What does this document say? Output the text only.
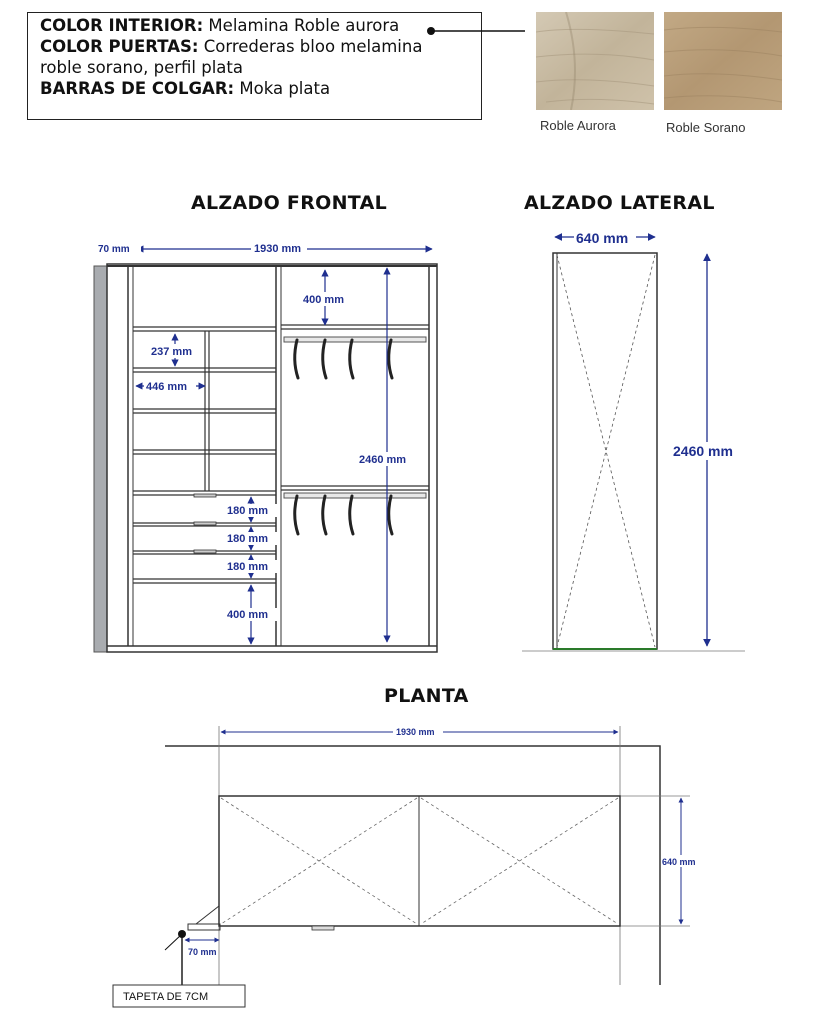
COLOR INTERIOR: Melamina Roble aurora
COLOR PUERTAS: Correderas bloo melamina
roble sorano, perfil plata
BARRAS DE COLGAR: Moka plata
Roble Aurora	Roble Sorano
ALZADO FRONTAL	ALZADO LATERAL
PLANTA
70 mm	1930 mm
400 mm
237 mm
446 mm
2460 mm
180 mm
180 mm
180 mm
400 mm
640 mm
2460 mm
1930 mm
640 mm
70 mm
TAPETA DE 7CM
